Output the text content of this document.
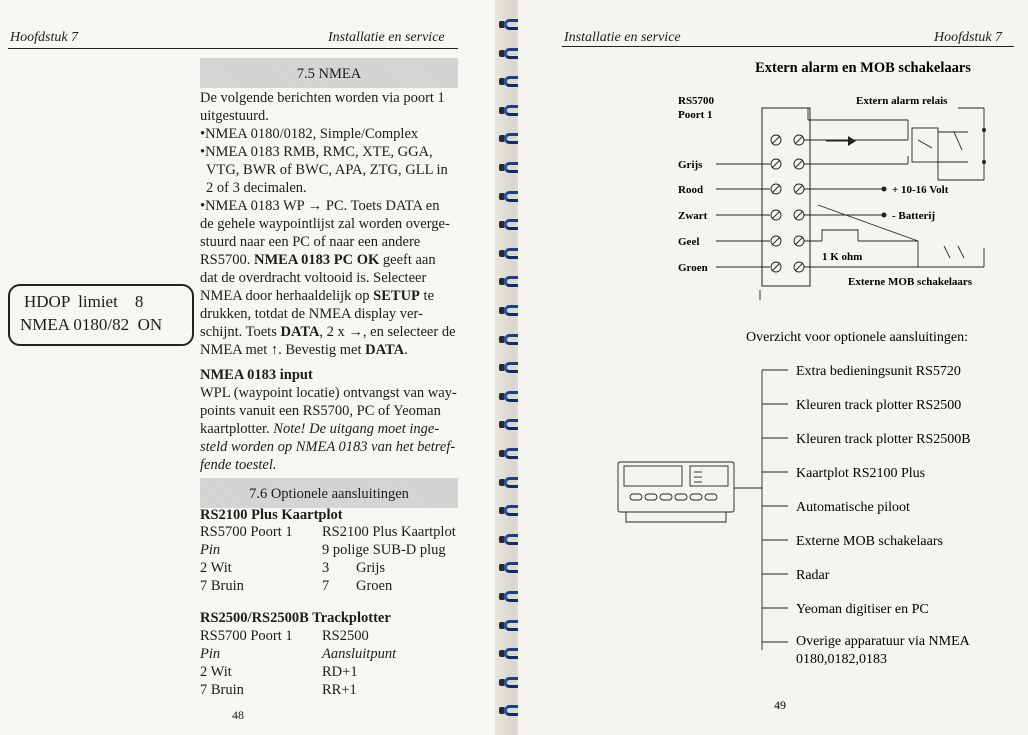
Hoofdstuk 7	Installatie en service
7.5 NMEA
De volgende berichten worden via poort 1
uitgestuurd.
•NMEA 0180/0182, Simple/Complex
•NMEA 0183 RMB, RMC, XTE, GGA,
VTG, BWR of BWC, APA, ZTG, GLL in
2 of 3 decimalen.
•NMEA 0183 WP → PC. Toets DATA en
de gehele waypointlijst zal worden overge-
stuurd naar een PC of naar een andere
RS5700. NMEA 0183 PC OK geeft aan
dat de overdracht voltooid is. Selecteer
NMEA door herhaaldelijk op SETUP te
drukken, totdat de NMEA display ver-
schijnt. Toets DATA, 2 x →, en selecteer de
NMEA met ↑. Bevestig met DATA.
HDOP  limiet    8
NMEA 0180/82  ON
NMEA 0183 input
WPL (waypoint locatie) ontvangst van way-
points vanuit een RS5700, PC of Yeoman
kaartplotter. Note! De uitgang moet inge-
steld worden op NMEA 0183 van het betref-
fende toestel.
7.6 Optionele aansluitingen
RS2100 Plus Kaartplot
RS5700 Poort 1 RS2100 Plus Kaartplot
Pin	9 polige SUB-D plug
2 Wit	3 Grijs
7 Bruin	7 Groen
RS2500/RS2500B Trackplotter
RS5700 Poort 1 RS2500
Pin	Aansluitpunt
2 Wit	RD+1
7 Bruin	RR+1
48
Installatie en service	Hoofdstuk 7
Extern alarm en MOB schakelaars
RS5700
Poort 1
Extern alarm relais
Grijs
Rood
Zwart
Geel
Groen
+ 10-16 Volt
- Batterij
1 K ohm
Externe MOB schakelaars
Overzicht voor optionele aansluitingen:
Extra bedieningsunit RS5720
Kleuren track plotter RS2500
Kleuren track plotter RS2500B
Kaartplot RS2100 Plus
Automatische piloot
Externe MOB schakelaars
Radar
Yeoman digitiser en PC
Overige apparatuur via NMEA
0180,0182,0183
49
